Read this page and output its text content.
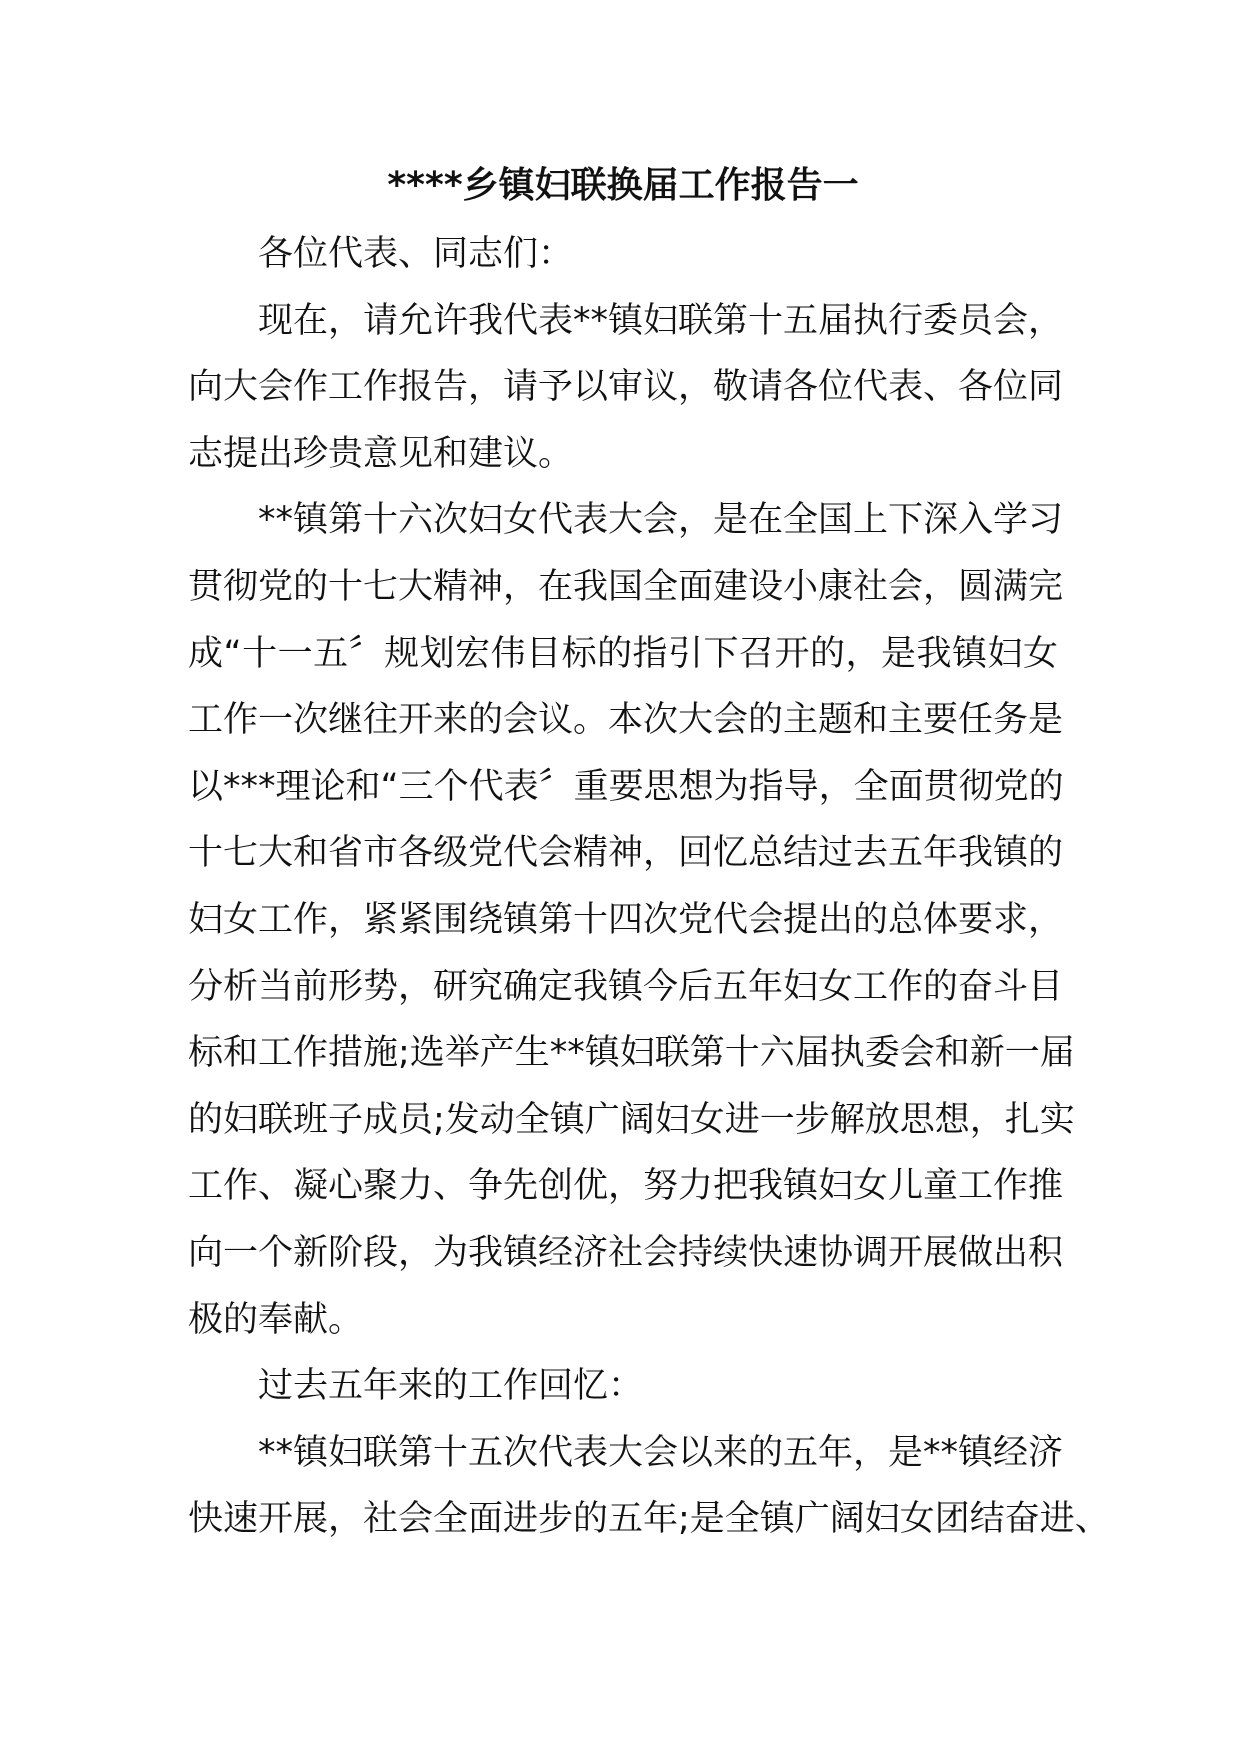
****乡镇妇联换届工作报告一
各位代表、同志们：
现在，请允许我代表**镇妇联第十五届执行委员会，
向大会作工作报告，请予以审议，敬请各位代表、各位同
志提出珍贵意见和建议。
**镇第十六次妇女代表大会，是在全国上下深入学习
贯彻党的十七大精神，在我国全面建设小康社会，圆满完
成“十一五〞规划宏伟目标的指引下召开的，是我镇妇女
工作一次继往开来的会议。本次大会的主题和主要任务是
以***理论和“三个代表〞重要思想为指导，全面贯彻党的
十七大和省市各级党代会精神，回忆总结过去五年我镇的
妇女工作，紧紧围绕镇第十四次党代会提出的总体要求，
分析当前形势，研究确定我镇今后五年妇女工作的奋斗目
标和工作措施;选举产生**镇妇联第十六届执委会和新一届
的妇联班子成员;发动全镇广阔妇女进一步解放思想，扎实
工作、凝心聚力、争先创优，努力把我镇妇女儿童工作推
向一个新阶段，为我镇经济社会持续快速协调开展做出积
极的奉献。
过去五年来的工作回忆：
**镇妇联第十五次代表大会以来的五年，是**镇经济
快速开展，社会全面进步的五年;是全镇广阔妇女团结奋进、
